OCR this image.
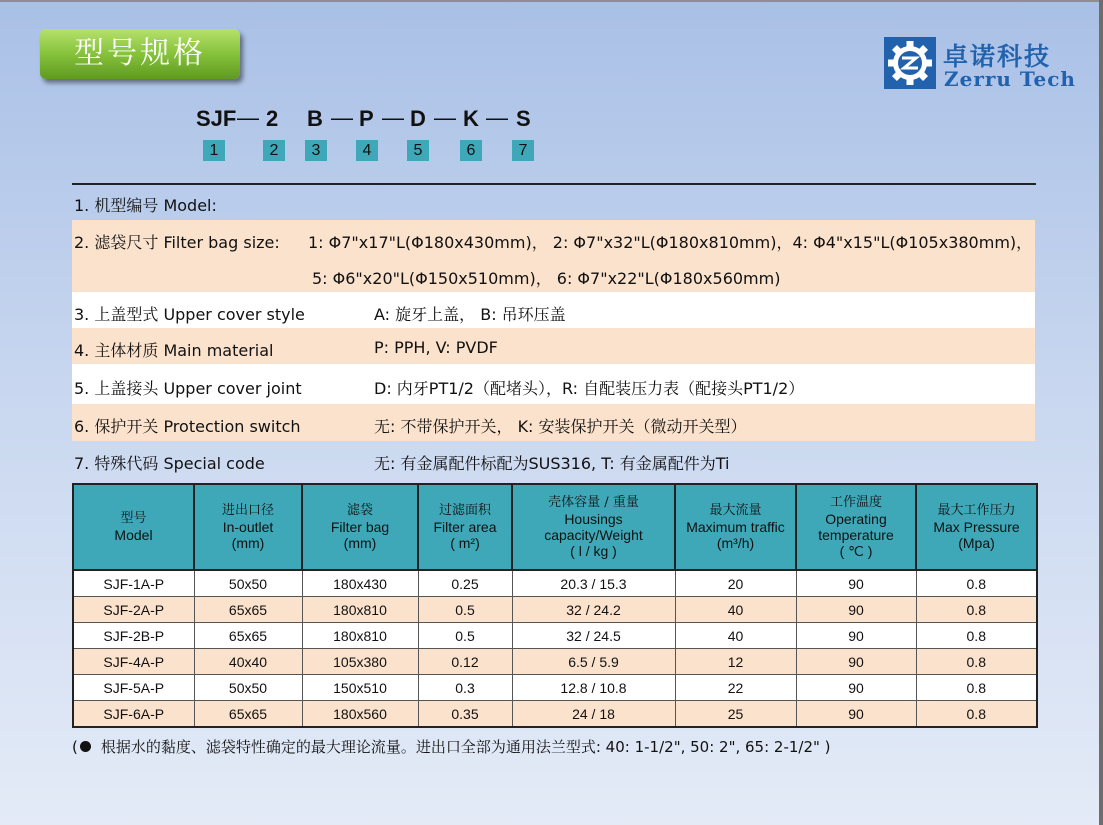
型号规格	卓诺科技
Zerru Tech
SJF — 2 B — P — D — K — S
1	2	3	4	5	6	7
1. 机型编号 Model:
2. 滤袋尺寸 Filter bag size: 1: Φ7"x17"L(Φ180x430mm)， 2: Φ7"x32"L(Φ180x810mm)，4: Φ4"x15"L(Φ105x380mm)，
5: Φ6"x20"L(Φ150x510mm)， 6: Φ7"x22"L(Φ180x560mm)
3. 上盖型式 Upper cover style	A: 旋牙上盖， B: 吊环压盖
4. 主体材质 Main material	P: PPH, V: PVDF
5. 上盖接头 Upper cover joint	D: 内牙PT1/2（配堵头），R: 自配装压力表（配接头PT1/2）
6. 保护开关 Protection switch	无: 不带保护开关， K: 安装保护开关（微动开关型）
7. 特殊代码 Special code	无: 有金属配件标配为SUS316, T: 有金属配件为Ti
型号
Model	进出口径
In-outlet
(mm)	滤袋
Filter bag
(mm)	过滤面积
Filter area
( m²)	壳体容量 / 重量
Housings
capacity/Weight
( l / kg )	最大流量
Maximum traffic
(m³/h)	工作温度
Operating
temperature
( ℃ )	最大工作压力
Max Pressure
(Mpa)

SJF-1A-P	50x50	180x430	0.25	20.3 / 15.3	20	90	0.8
SJF-2A-P	65x65	180x810	0.5	32 / 24.2	40	90	0.8
SJF-2B-P	65x65	180x810	0.5	32 / 24.5	40	90	0.8
SJF-4A-P	40x40	105x380	0.12	6.5 / 5.9	12	90	0.8
SJF-5A-P	50x50	150x510	0.3	12.8 / 10.8	22	90	0.8
SJF-6A-P	65x65	180x560	0.35	24 / 18	25	90	0.8
( 根据水的黏度、滤袋特性确定的最大理论流量。进出口全部为通用法兰型式: 40: 1-1/2", 50: 2", 65: 2-1/2" )
